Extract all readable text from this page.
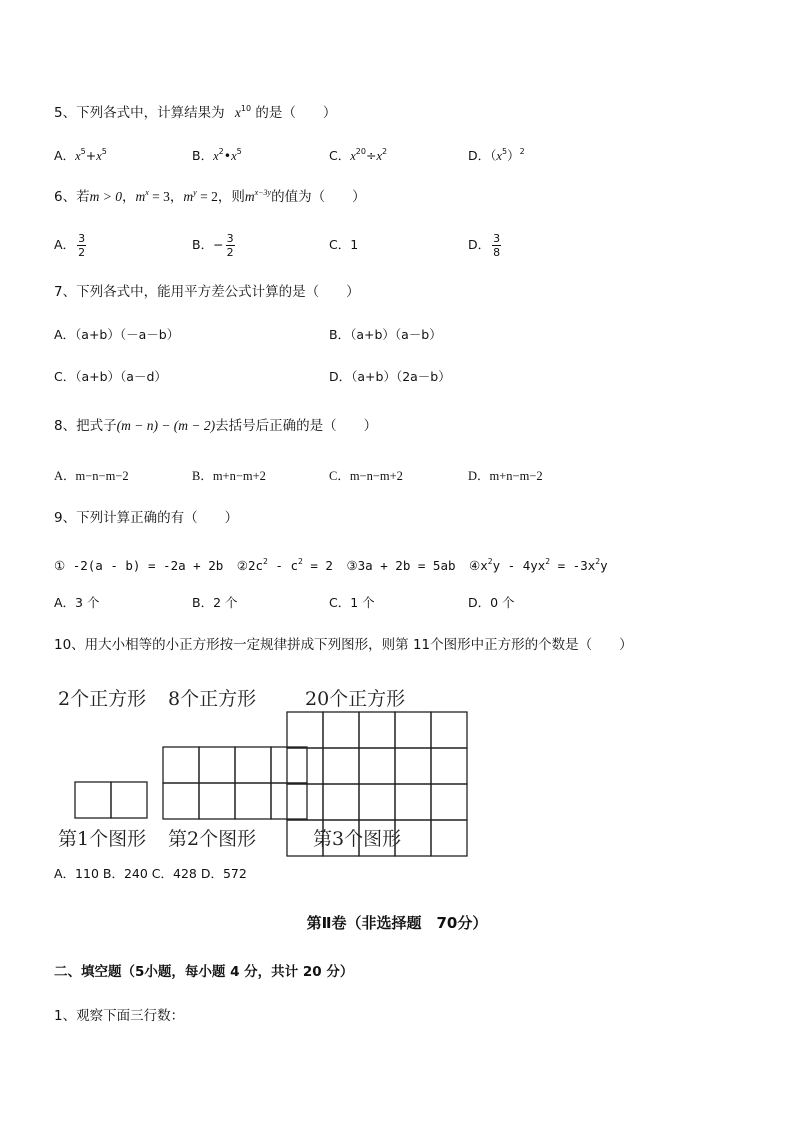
5、下列各式中，计算结果为 $x^{10}$ 的是（　　）
A．$x^5+x^5$	B．$x^2•x^5$	C．$x^{20}\div x^2$	D．$(x^5)^2$
6、若m > 0，$m^x = 3$，$m^y = 2$，则$m^{x-3y}$的值为（　　）
A． $\frac{3}{2}$	B．− $\frac{3}{2}$	C．1	D． $\frac{3}{8}$
7、下列各式中，能用平方差公式计算的是（　　）
A．（a+b）（－a－b）	B．（a+b）（a－b）
C．（a+b）（a－d）	D．（a+b）（2a－b）
8、把式子(m − n) − (m − 2)去括号后正确的是（　　）
A．m−n−m−2	B．m+n−m+2	C．m−n−m+2	D．m+n−m−2
9、下列计算正确的有（　　）
① -2(a - b) = -2a + 2b $②2c^2 - c^2 = 2$ ③3a + 2b = 5ab $④x^2y - 4yx^2 = -3x^2y$
A．3 个	B．2 个	C．1 个	D．0 个
10、用大小相等的小正方形按一定规律拼成下列图形，则第 11个图形中正方形的个数是（　　）
2个正方形 8个正方形	20个正方形
第1个图形 第2个图形	第3个图形
A．110 B．240 C．428 D．572
第Ⅱ卷（非选择题　70分）
二、填空题（5小题，每小题 4 分，共计 20 分）
1、观察下面三行数：
